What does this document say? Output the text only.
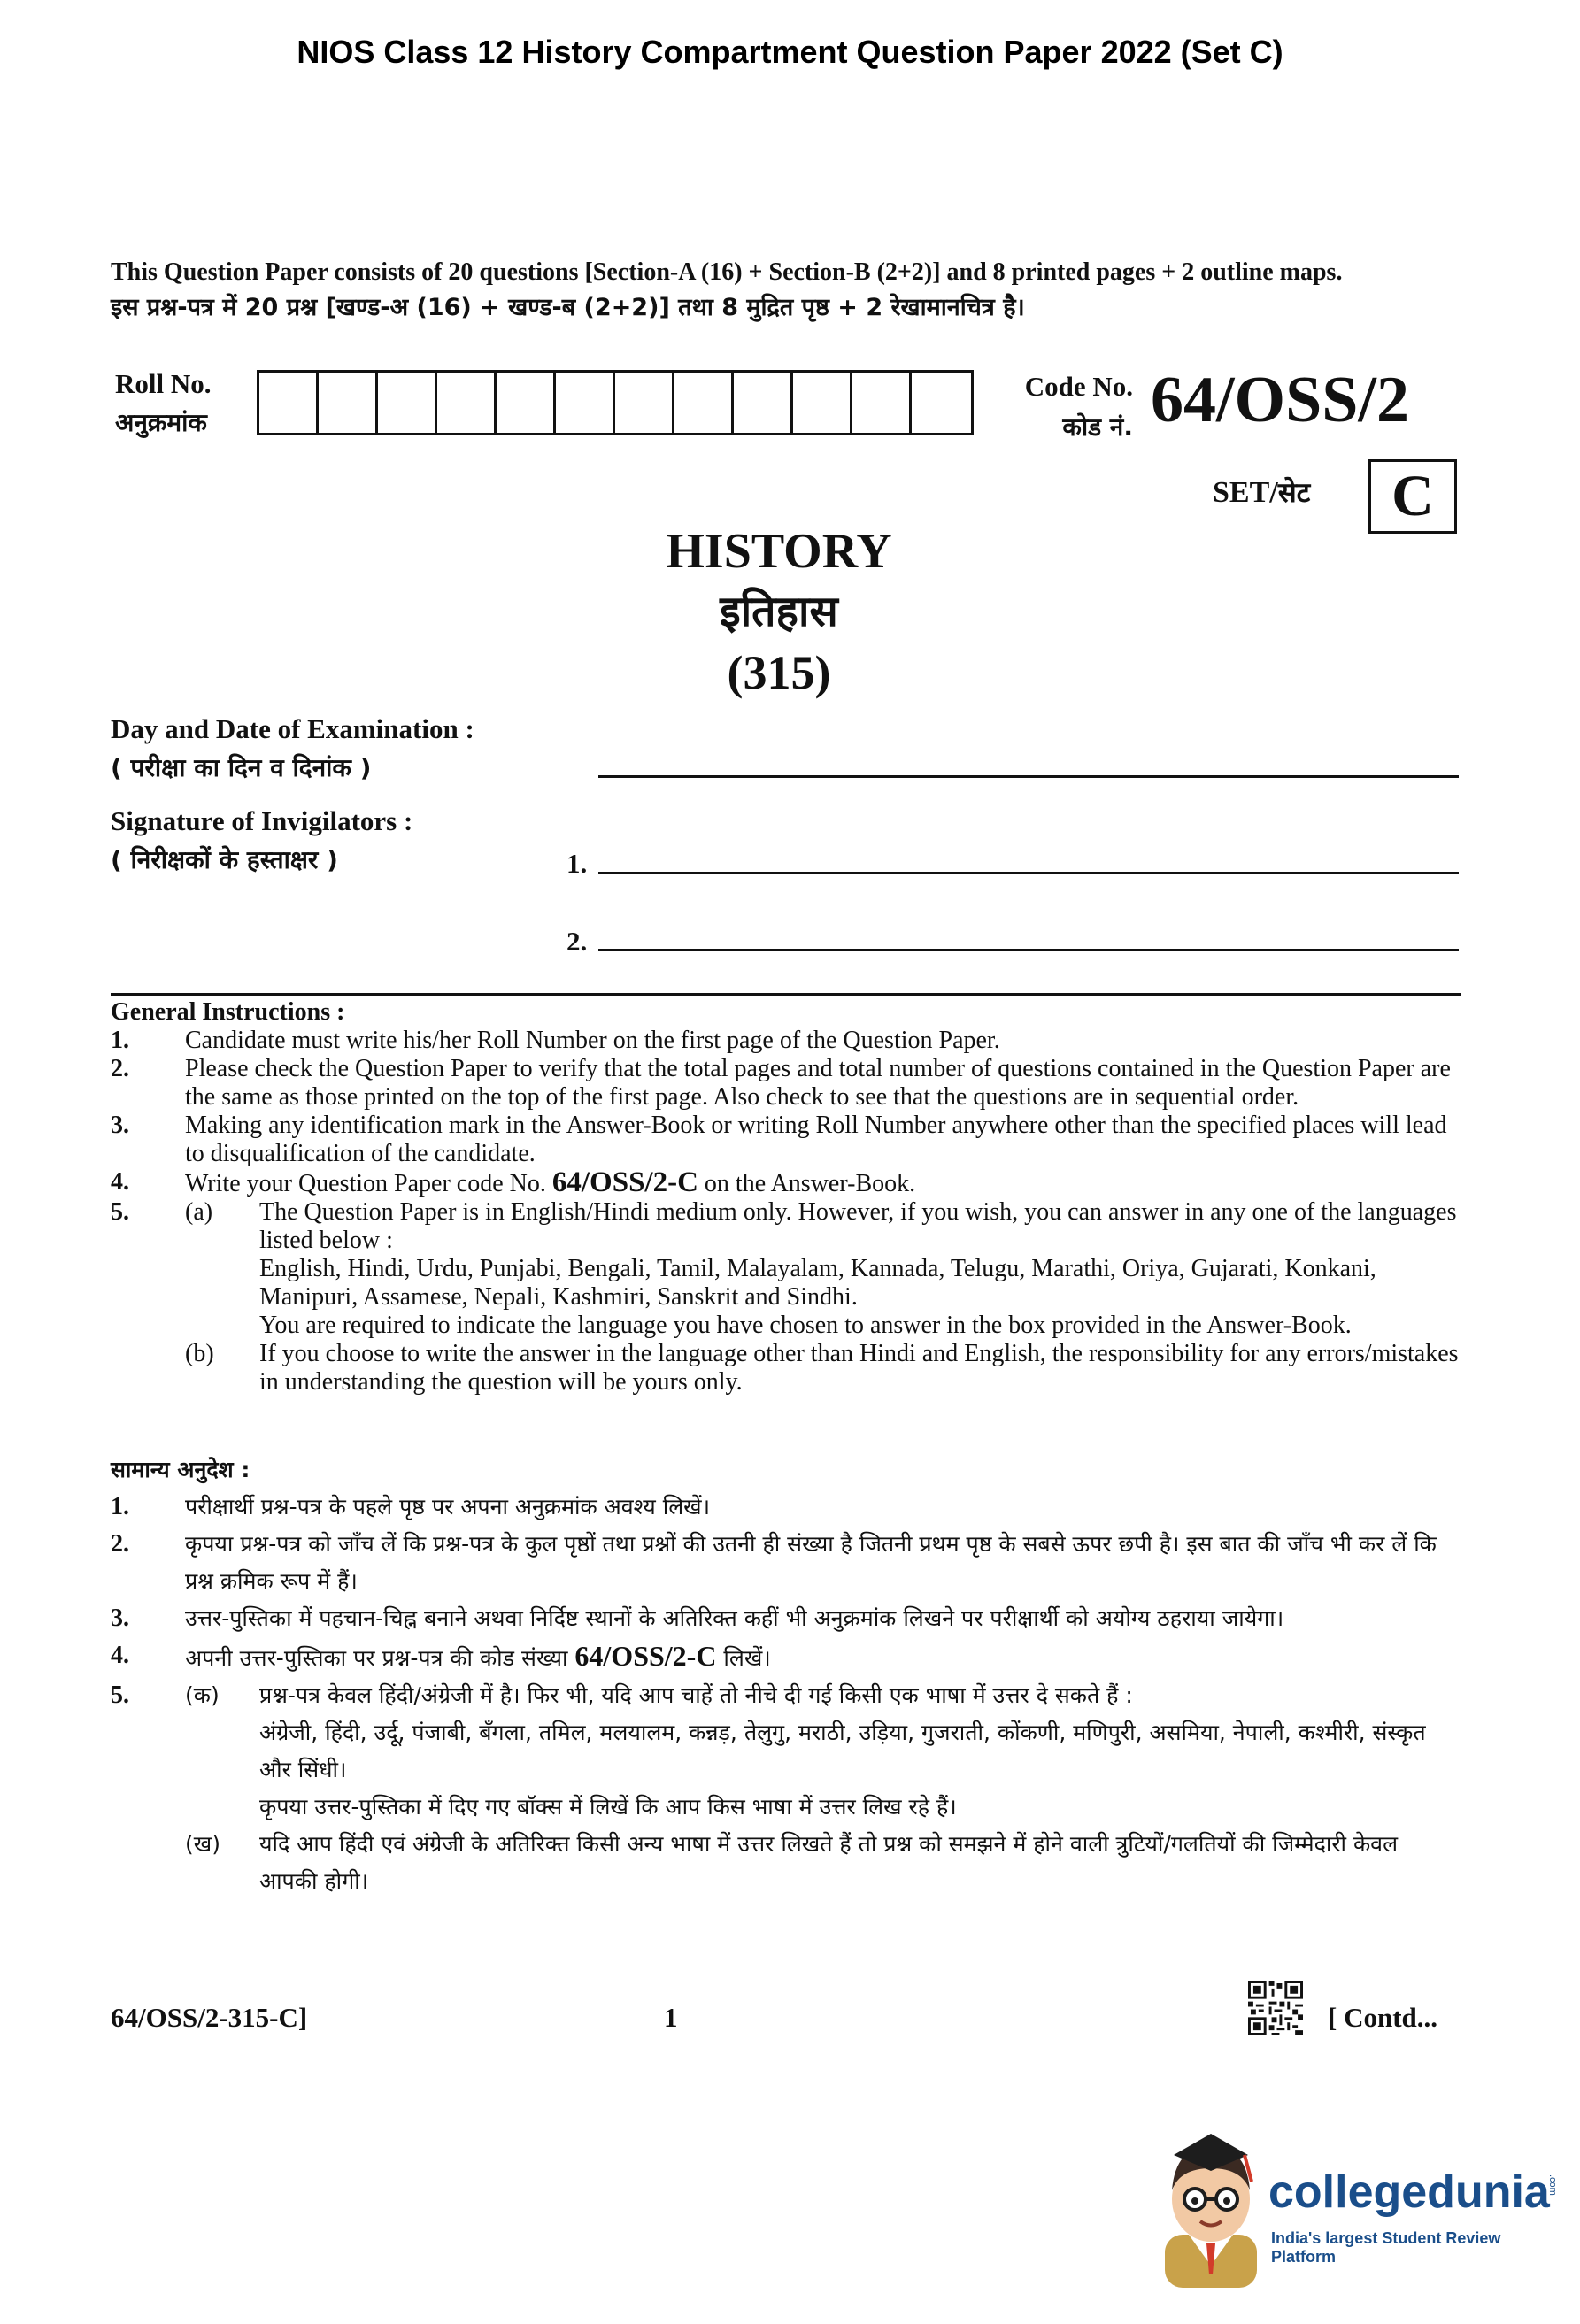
NIOS Class 12 History Compartment Question Paper 2022 (Set C)
This Question Paper consists of 20 questions [Section-A (16) + Section-B (2+2)] and 8 printed pages + 2 outline maps.
इस प्रश्न-पत्र में 20 प्रश्न [खण्ड-अ (16) + खण्ड-ब (2+2)] तथा 8 मुद्रित पृष्ठ + 2 रेखामानचित्र है।
Roll No.
अनुक्रमांक
Code No.
कोड नं. 64/OSS/2
SET/सेट	C
HISTORY
इतिहास
(315)
Day and Date of Examination :
( परीक्षा का दिन व दिनांक )
Signature of Invigilators :
( निरीक्षकों के हस्ताक्षर )	1.
2.
General Instructions :
1. Candidate must write his/her Roll Number on the first page of the Question Paper.
2. Please check the Question Paper to verify that the total pages and total number of questions contained in the Question Paper are the same as those printed on the top of the first page. Also check to see that the questions are in sequential order.
3. Making any identification mark in the Answer-Book or writing Roll Number anywhere other than the specified places will lead to disqualification of the candidate.
4. Write your Question Paper code No. 64/OSS/2-C on the Answer-Book.
5. (a) The Question Paper is in English/Hindi medium only. However, if you wish, you can answer in any one of the languages listed below :
English, Hindi, Urdu, Punjabi, Bengali, Tamil, Malayalam, Kannada, Telugu, Marathi, Oriya, Gujarati, Konkani, Manipuri, Assamese, Nepali, Kashmiri, Sanskrit and Sindhi.
You are required to indicate the language you have chosen to answer in the box provided in the Answer-Book.
(b) If you choose to write the answer in the language other than Hindi and English, the responsibility for any errors/mistakes in understanding the question will be yours only.
सामान्य अनुदेश :
1.	परीक्षार्थी प्रश्न-पत्र के पहले पृष्ठ पर अपना अनुक्रमांक अवश्य लिखें।
2.	कृपया प्रश्न-पत्र को जाँच लें कि प्रश्न-पत्र के कुल पृष्ठों तथा प्रश्नों की उतनी ही संख्या है जितनी प्रथम पृष्ठ के सबसे ऊपर छपी है। इस बात की जाँच भी कर लें कि प्रश्न क्रमिक रूप में हैं।
3.	उत्तर-पुस्तिका में पहचान-चिह्न बनाने अथवा निर्दिष्ट स्थानों के अतिरिक्त कहीं भी अनुक्रमांक लिखने पर परीक्षार्थी को अयोग्य ठहराया जायेगा।
4.	अपनी उत्तर-पुस्तिका पर प्रश्न-पत्र की कोड संख्या 64/OSS/2-C लिखें।
5.	(क) प्रश्न-पत्र केवल हिंदी/अंग्रेजी में है। फिर भी, यदि आप चाहें तो नीचे दी गई किसी एक भाषा में उत्तर दे सकते हैं :
अंग्रेजी, हिंदी, उर्दू, पंजाबी, बँगला, तमिल, मलयालम, कन्नड़, तेलुगु, मराठी, उड़िया, गुजराती, कोंकणी, मणिपुरी, असमिया, नेपाली, कश्मीरी, संस्कृत और सिंधी।
कृपया उत्तर-पुस्तिका में दिए गए बॉक्स में लिखें कि आप किस भाषा में उत्तर लिख रहे हैं।
(ख) यदि आप हिंदी एवं अंग्रेजी के अतिरिक्त किसी अन्य भाषा में उत्तर लिखते हैं तो प्रश्न को समझने में होने वाली त्रुटियों/गलतियों की जिम्मेदारी केवल आपकी होगी।
64/OSS/2-315-C]	1	[ Contd...
collegedunia
.com
India's largest Student Review Platform
